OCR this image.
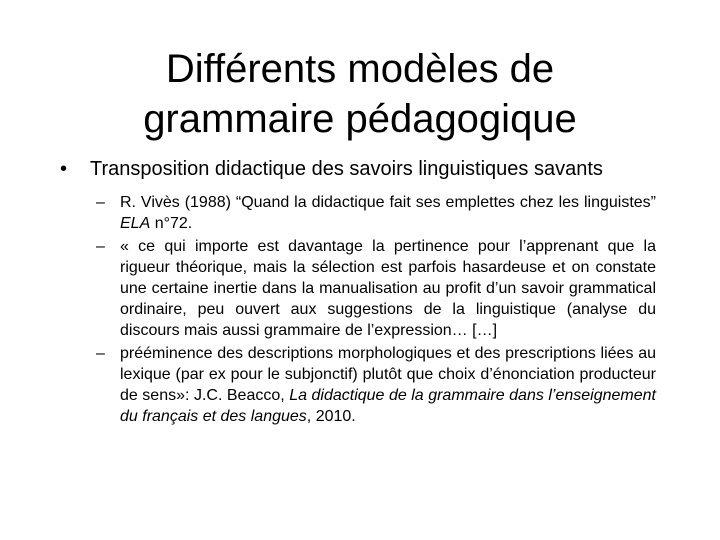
Différents modèles de
grammaire pédagogique
• Transposition didactique des savoirs linguistiques savants
– R. Vivès (1988) “Quand la didactique fait ses emplettes chez les linguistes” ELA n°72.
– « ce qui importe est davantage la pertinence pour l’apprenant que la rigueur théorique, mais la sélection est parfois hasardeuse et on constate une certaine inertie dans la manualisation au profit d’un savoir grammatical ordinaire, peu ouvert aux suggestions de la linguistique (analyse du discours mais aussi grammaire de l’expression… […]
– prééminence des descriptions morphologiques et des prescriptions liées au lexique (par ex pour le subjonctif) plutôt que choix d’énonciation producteur de sens»: J.C. Beacco, La didactique de la grammaire dans l’enseignement du français et des langues, 2010.
